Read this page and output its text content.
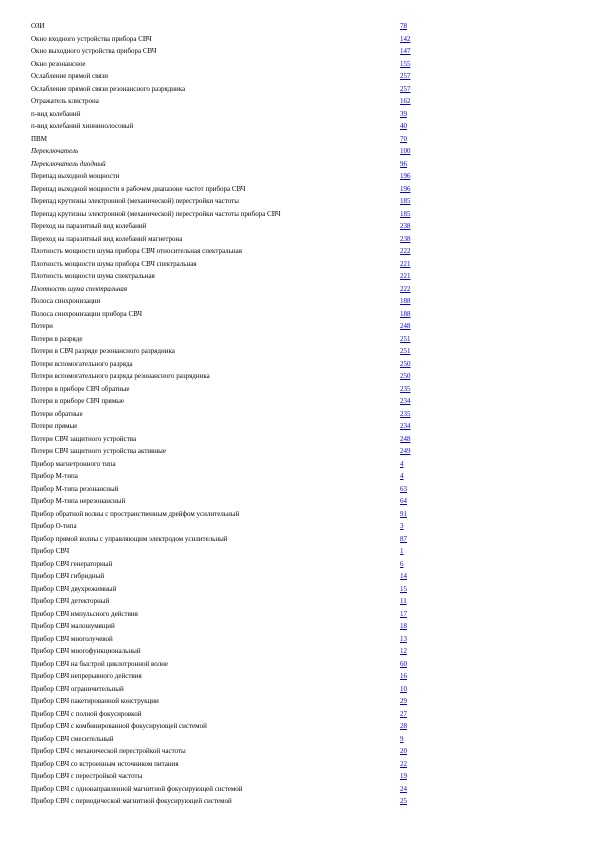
ОЗИ	78
Окно входного устройства прибора СВЧ	142
Окно выходного устройства прибора СВЧ	147
Окно резонансное	155
Ослабление прямой связи	257
Ослабление прямой связи резонансного разрядника	257
Отражатель клистрона	162
п-вид колебаний	39
п-вид колебаний хиннинолосовый	40
ПВМ	70
Переключатель	100
Переключатель диодный	96
Перепад выходной мощности	196
Перепад выходной мощности в рабочем диапазоне частот прибора СВЧ	196
Перепад крутизны электронной (механической) перестройки частоты	185
Перепад крутизны электронной (механической) перестройки частоты прибора СВЧ	185
Переход на паразитный вид колебаний	238
Переход на паразитный вид колебаний магнетрона	238
Плотность мощности шума прибора СВЧ относительная спектральная	222
Плотность мощности шума прибора СВЧ спектральная	221
Плотность мощности шума спектральная	221
Плотность шума спектральная	222
Полоса синхронизации	188
Полоса синхронизации прибора СВЧ	188
Потери	248
Потери в разряде	251
Потери в СВЧ разряде резонансного разрядника	251
Потери вспомогательного разряда	250
Потери вспомогательного разряда резонансного разрядника	250
Потери в приборе СВЧ обратные	235
Потери в приборе СВЧ прямые	234
Потери обратные	235
Потери прямые	234
Потери СВЧ защитного устройства	248
Потери СВЧ защитного устройства активные	249
Прибор магнетронного типа	4
Прибор М-типа	4
Прибор М-типа резонансный	63
Прибор М-типа нерезонансный	64
Прибор обратной волны с пространственным дрейфом усилительный	91
Прибор О-типа	3
Прибор прямой волны с управляющим электродом усилительный	87
Прибор СВЧ	1
Прибор СВЧ генераторный	6
Прибор СВЧ гибридный	14
Прибор СВЧ двухрежимный	15
Прибор СВЧ детекторный	11
Прибор СВЧ импульсного действия	17
Прибор СВЧ малошумящий	18
Прибор СВЧ многолучевой	13
Прибор СВЧ многофункциональный	12
Прибор СВЧ на быстрой циклотронной волне	60
Прибор СВЧ непрерывного действия	16
Прибор СВЧ ограничительный	10
Прибор СВЧ пакетированной конструкции	29
Прибор СВЧ с полной фокусировкой	27
Прибор СВЧ с комбинированной фокусирующей системой	28
Прибор СВЧ смесительный	9
Прибор СВЧ с механической перестройкой частоты	20
Прибор СВЧ со встроенным источником питания	22
Прибор СВЧ с перестройкой частоты	19
Прибор СВЧ с однонаправленной магнитной фокусирующей системой	24
Прибор СВЧ с периодической магнитной фокусирующей системой	25
